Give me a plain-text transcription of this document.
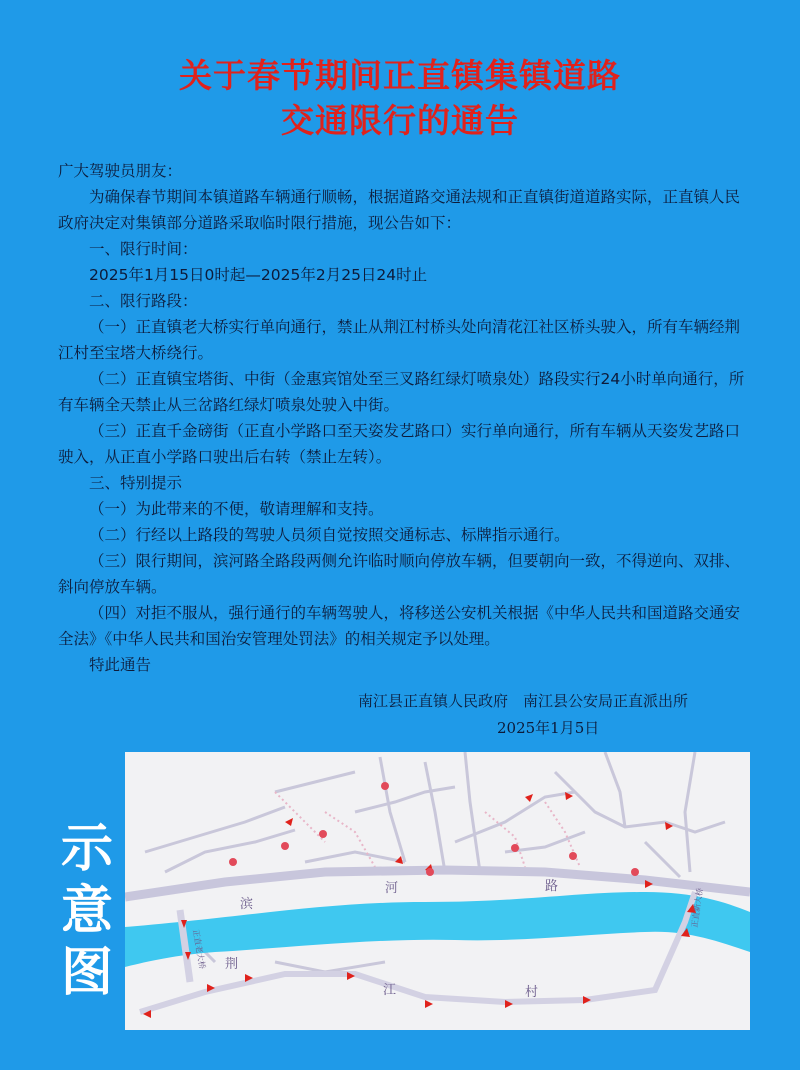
关于春节期间正直镇集镇道路
交通限行的通告

广大驾驶员朋友：

为确保春节期间本镇道路车辆通行顺畅，根据道路交通法规和正直镇街道道路实际，正直镇人民政府决定对集镇部分道路采取临时限行措施，现公告如下：

一、限行时间：

2025年1月15日0时起—2025年2月25日24时止

二、限行路段：

（一）正直镇老大桥实行单向通行，禁止从荆江村桥头处向清花江社区桥头驶入，所有车辆经荆江村至宝塔大桥绕行。

（二）正直镇宝塔街、中街（金惠宾馆处至三叉路红绿灯喷泉处）路段实行24小时单向通行，所有车辆全天禁止从三岔路红绿灯喷泉处驶入中街。

（三）正直千金磅街（正直小学路口至天姿发艺路口）实行单向通行，所有车辆从天姿发艺路口驶入，从正直小学路口驶出后右转（禁止左转）。

三、特别提示

（一）为此带来的不便，敬请理解和支持。

（二）行经以上路段的驾驶人员须自觉按照交通标志、标牌指示通行。

（三）限行期间，滨河路全路段两侧允许临时顺向停放车辆，但要朝向一致，不得逆向、双排、斜向停放车辆。

（四）对拒不服从，强行通行的车辆驾驶人，将移送公安机关根据《中华人民共和国道路交通安全法》《中华人民共和国治安管理处罚法》的相关规定予以处理。

特此通告

南江县正直镇人民政府　南江县公安局正直派出所
2025年1月5日
示
意
图
滨
河	路
荆
江	村
正直老大桥
正直新大桥
